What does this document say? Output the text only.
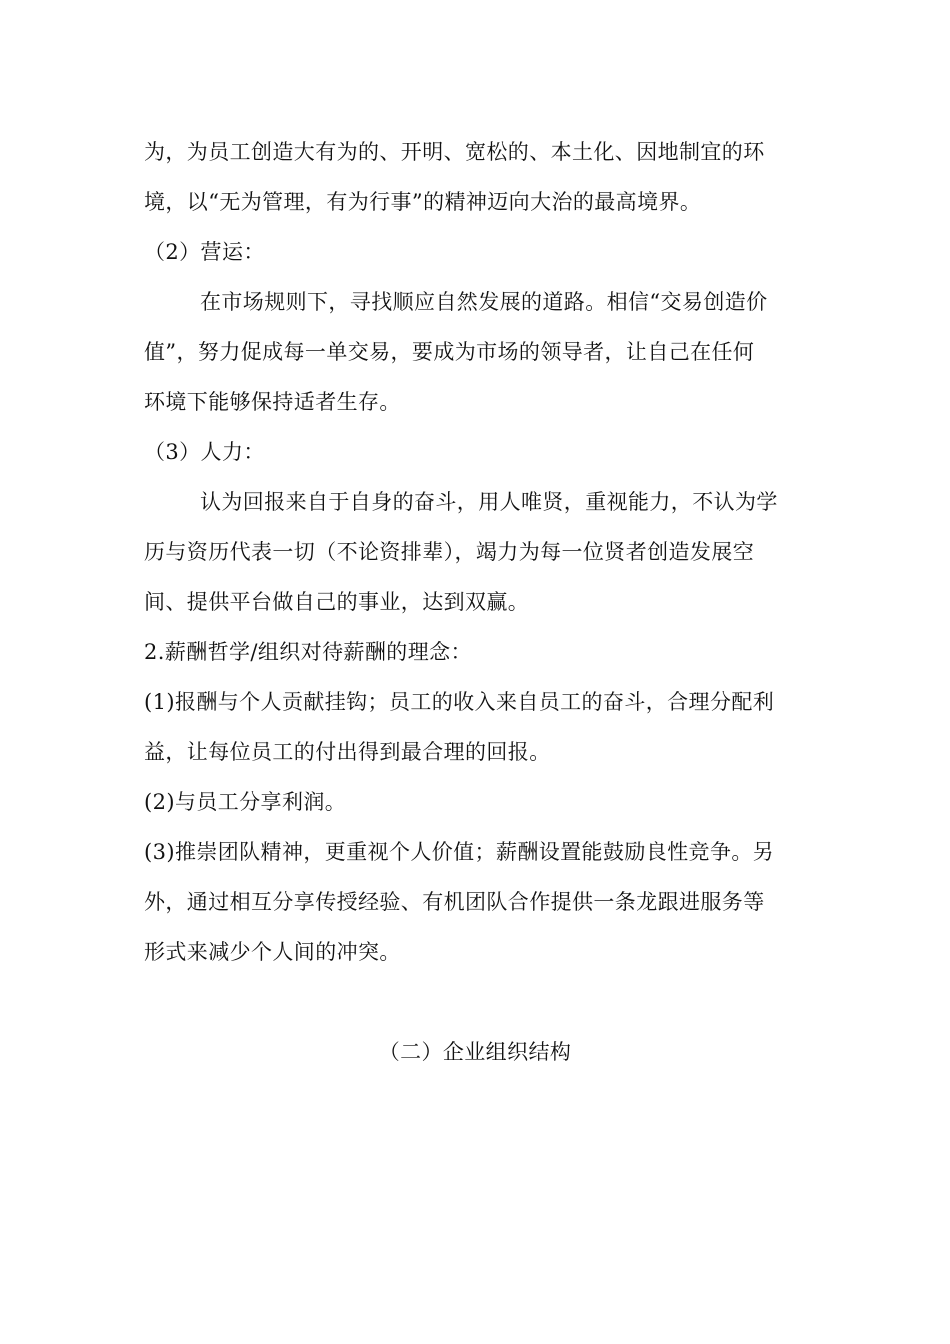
为，为员工创造大有为的、开明、宽松的、本土化、因地制宜的环
境，以“无为管理，有为行事”的精神迈向大治的最高境界。
（2）营运：
在市场规则下，寻找顺应自然发展的道路。相信“交易创造价
值”，努力促成每一单交易，要成为市场的领导者，让自己在任何
环境下能够保持适者生存。
（3）人力：
认为回报来自于自身的奋斗，用人唯贤，重视能力，不认为学
历与资历代表一切（不论资排辈），竭力为每一位贤者创造发展空
间、提供平台做自己的事业，达到双赢。
2.薪酬哲学/组织对待薪酬的理念：
(1)报酬与个人贡献挂钩；员工的收入来自员工的奋斗，合理分配利
益，让每位员工的付出得到最合理的回报。
(2)与员工分享利润。
(3)推崇团队精神，更重视个人价值；薪酬设置能鼓励良性竞争。另
外，通过相互分享传授经验、有机团队合作提供一条龙跟进服务等
形式来减少个人间的冲突。
（二）企业组织结构
